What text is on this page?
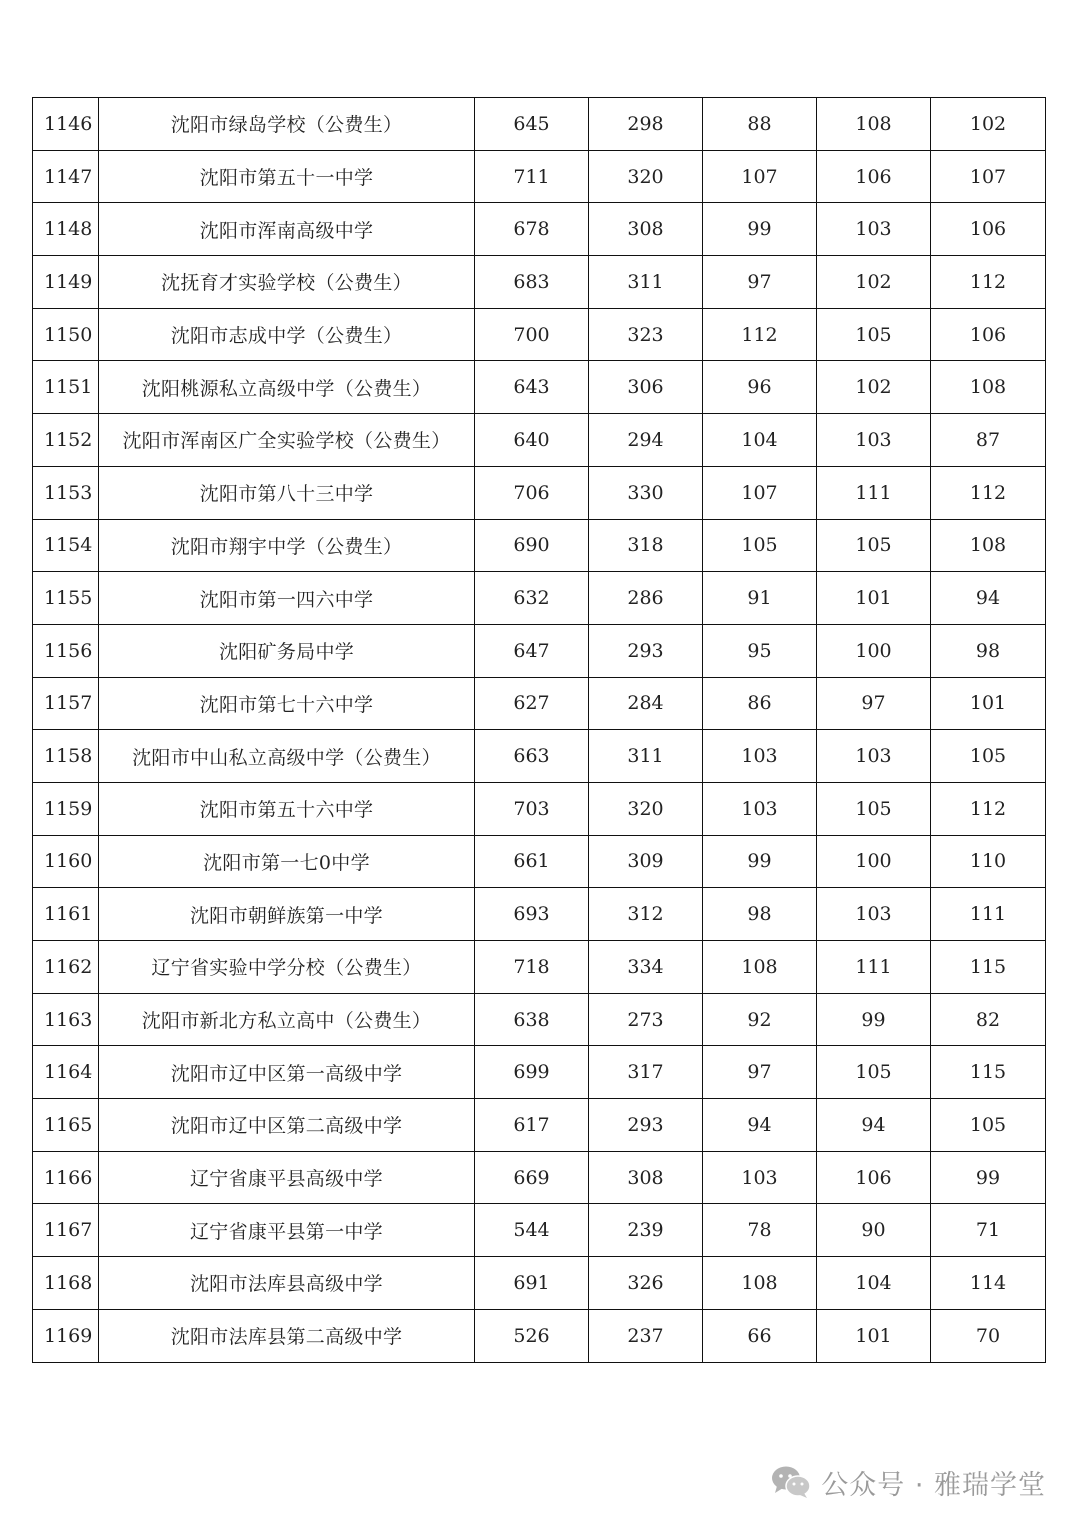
1146	沈阳市绿岛学校（公费生）	645	298	88	108	102
1147	沈阳市第五十一中学	711	320	107	106	107
1148	沈阳市浑南高级中学	678	308	99	103	106
1149	沈抚育才实验学校（公费生）	683	311	97	102	112
1150	沈阳市志成中学（公费生）	700	323	112	105	106
1151	沈阳桃源私立高级中学（公费生）	643	306	96	102	108
1152	沈阳市浑南区广全实验学校（公费生）	640	294	104	103	87
1153	沈阳市第八十三中学	706	330	107	111	112
1154	沈阳市翔宇中学（公费生）	690	318	105	105	108
1155	沈阳市第一四六中学	632	286	91	101	94
1156	沈阳矿务局中学	647	293	95	100	98
1157	沈阳市第七十六中学	627	284	86	97	101
1158	沈阳市中山私立高级中学（公费生）	663	311	103	103	105
1159	沈阳市第五十六中学	703	320	103	105	112
1160	沈阳市第一七0中学	661	309	99	100	110
1161	沈阳市朝鲜族第一中学	693	312	98	103	111
1162	辽宁省实验中学分校（公费生）	718	334	108	111	115
1163	沈阳市新北方私立高中（公费生）	638	273	92	99	82
1164	沈阳市辽中区第一高级中学	699	317	97	105	115
1165	沈阳市辽中区第二高级中学	617	293	94	94	105
1166	辽宁省康平县高级中学	669	308	103	106	99
1167	辽宁省康平县第一中学	544	239	78	90	71
1168	沈阳市法库县高级中学	691	326	108	104	114
1169	沈阳市法库县第二高级中学	526	237	66	101	70
公众号 · 雅瑞学堂
